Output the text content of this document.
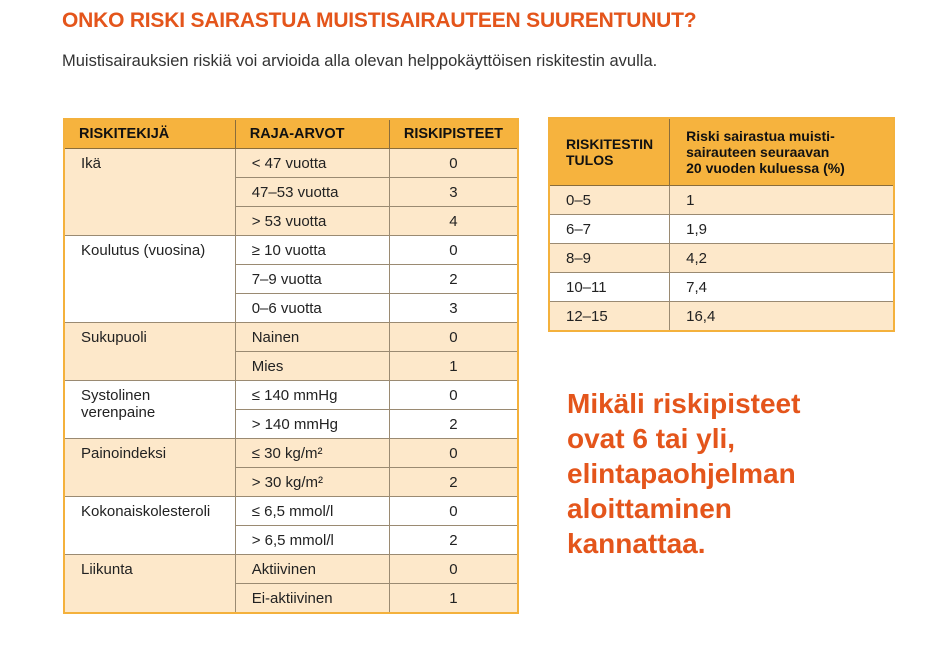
ONKO RISKI SAIRASTUA MUISTISAIRAUTEEN SUURENTUNUT?

Muistisairauksien riskiä voi arvioida alla olevan helppokäyttöisen riskitestin avulla.

RISKITEKIJÄ	RAJA-ARVOT	RISKIPISTEET
Ikä	< 47 vuotta	0
	47–53 vuotta	3
	> 53 vuotta	4
Koulutus (vuosina)	≥ 10 vuotta	0
	7–9 vuotta	2
	0–6 vuotta	3
Sukupuoli	Nainen	0
	Mies	1
Systolinen
verenpaine	≤ 140 mmHg	0
	> 140 mmHg	2
Painoindeksi	≤ 30 kg/m²	0
	> 30 kg/m²	2
Kokonaiskolesteroli	≤ 6,5 mmol/l	0
	> 6,5 mmol/l	2
Liikunta	Aktiivinen	0
	Ei-aktiivinen	1
RISKITESTIN
TULOS	Riski sairastua muisti-
sairauteen seuraavan
20 vuoden kuluessa (%)
0–5	1
6–7	1,9
8–9	4,2
10–11	7,4
12–15	16,4

Mikäli riskipisteet ovat 6 tai yli, elintapaohjelman aloittaminen kannattaa.
